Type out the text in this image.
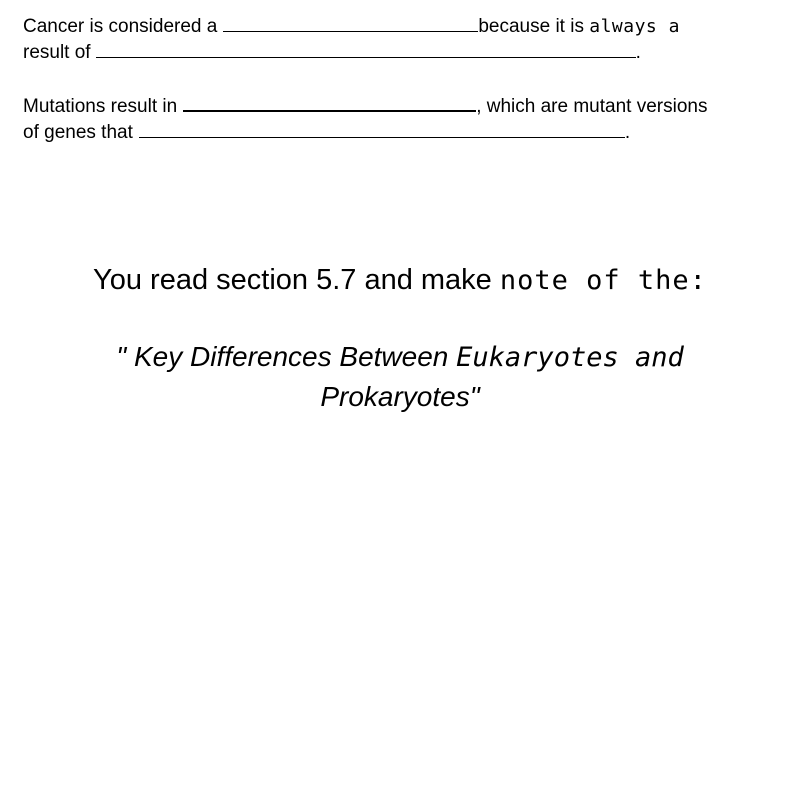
Cancer is considered a	because it is always a
result of	.

Mutations result in	, which are mutant versions
of genes that	.

You read section 5.7 and make note of the:
" Key Differences Between Eukaryotes and
Prokaryotes"
